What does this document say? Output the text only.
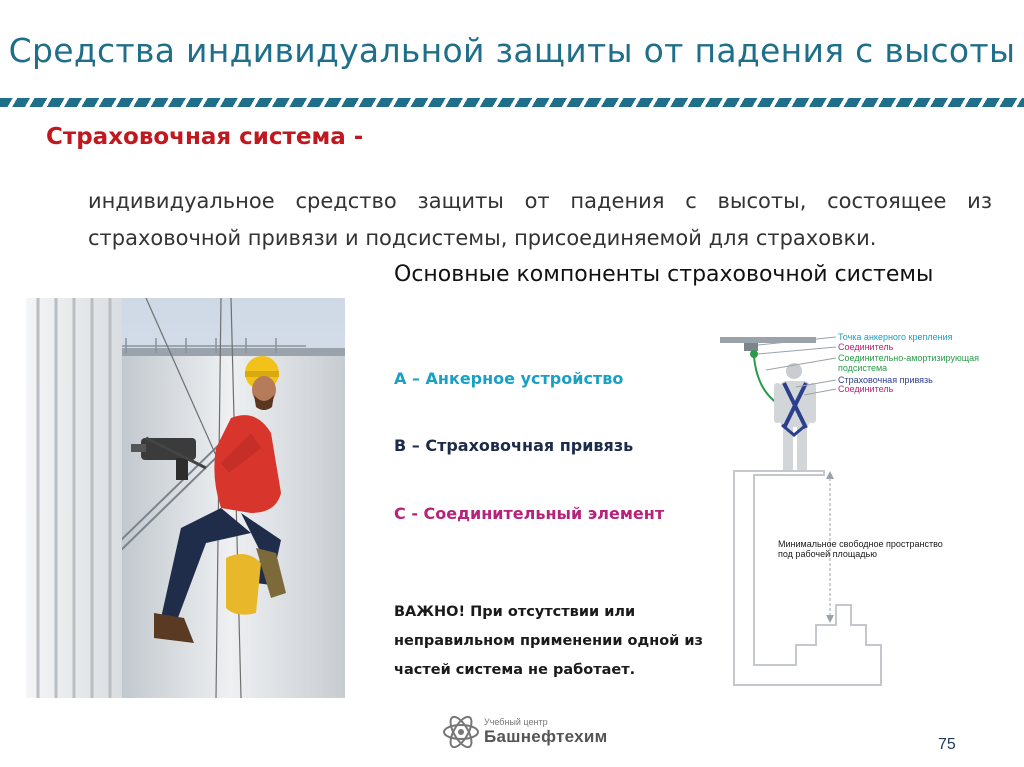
Средства индивидуальной защиты от падения с высоты
Страховочная система -
индивидуальное средство защиты от падения с высоты, состоящее из страховочной привязи и подсистемы, присоединяемой для страховки.
Основные компоненты страховочной системы
А – Анкерное устройство
В – Страховочная привязь
С - Соединительный элемент
ВАЖНО! При отсутствии или неправильном применении одной из частей система не работает.
Точка анкерного крепления
Соединитель
Соединительно-амортизирующая
подсистема
Страховочная привязь
Соединитель
Минимальное свободное пространство
под рабочей площадью
Учебный центр
Башнефтехим	75
